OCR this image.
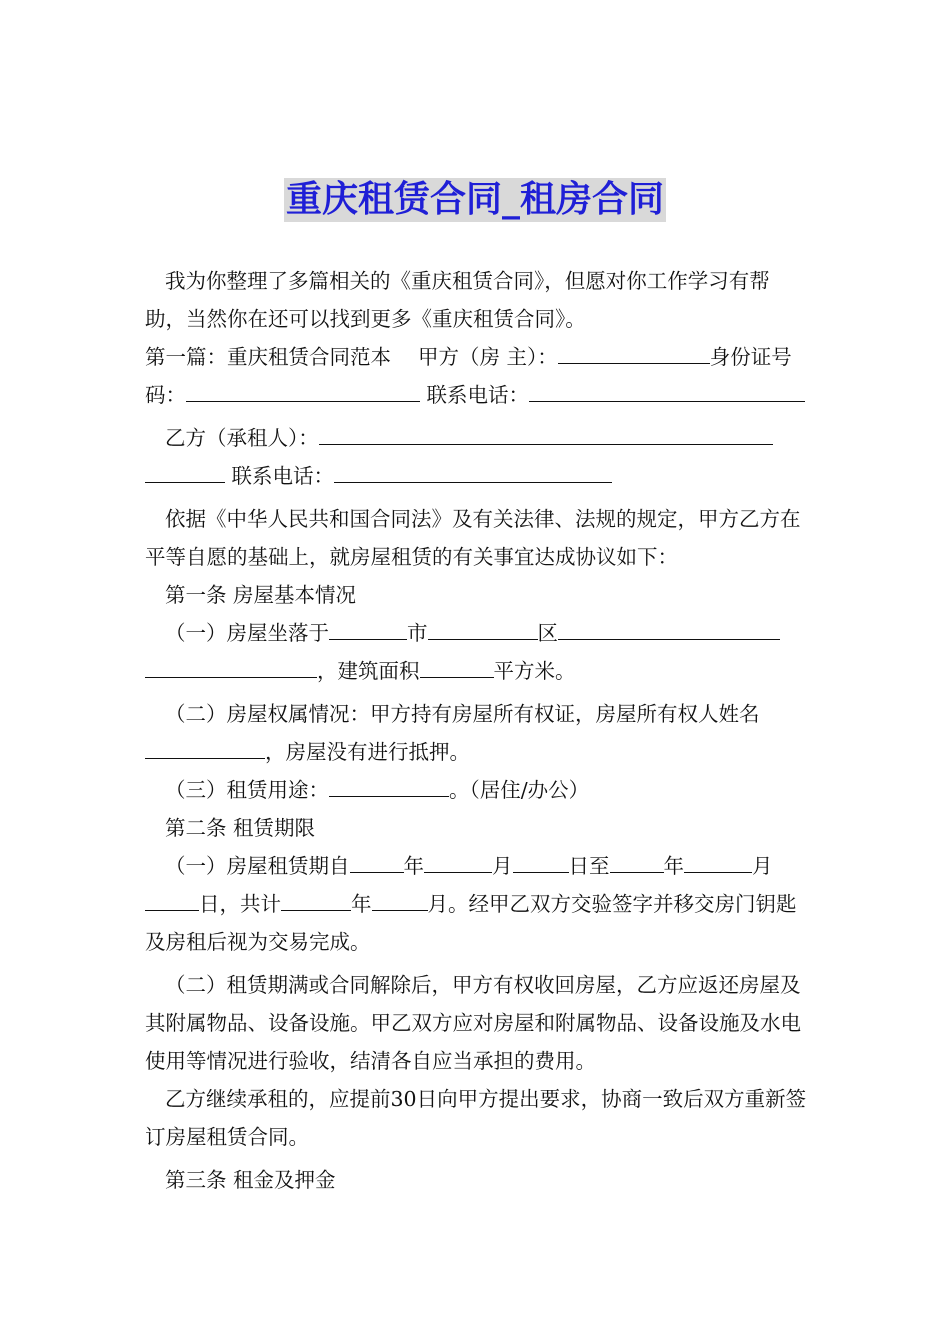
重庆租赁合同_租房合同

我为你整理了多篇相关的《重庆租赁合同》，但愿对你工作学习有帮助，当然你在还可以找到更多《重庆租赁合同》。

第一篇：重庆租赁合同范本　 甲方（房 主）：	身份证号码：	联系电话：

乙方（承租人）： 联系电话：

依据《中华人民共和国合同法》及有关法律、法规的规定，甲方乙方在平等自愿的基础上，就房屋租赁的有关事宜达成协议如下：

第一条 房屋基本情况

（一）房屋坐落于	市	区，建筑面积	平方米。

（二）房屋权属情况：甲方持有房屋所有权证，房屋所有权人姓名，房屋没有进行抵押。

（三）租赁用途：	。（居住/办公）

第二条 租赁期限

（一）房屋租赁期自	年	月	日至	年	月日，共计	年	月。经甲乙双方交验签字并移交房门钥匙及房租后视为交易完成。

（二）租赁期满或合同解除后，甲方有权收回房屋，乙方应返还房屋及其附属物品、设备设施。甲乙双方应对房屋和附属物品、设备设施及水电使用等情况进行验收，结清各自应当承担的费用。

乙方继续承租的，应提前30日向甲方提出要求，协商一致后双方重新签订房屋租赁合同。

第三条 租金及押金
